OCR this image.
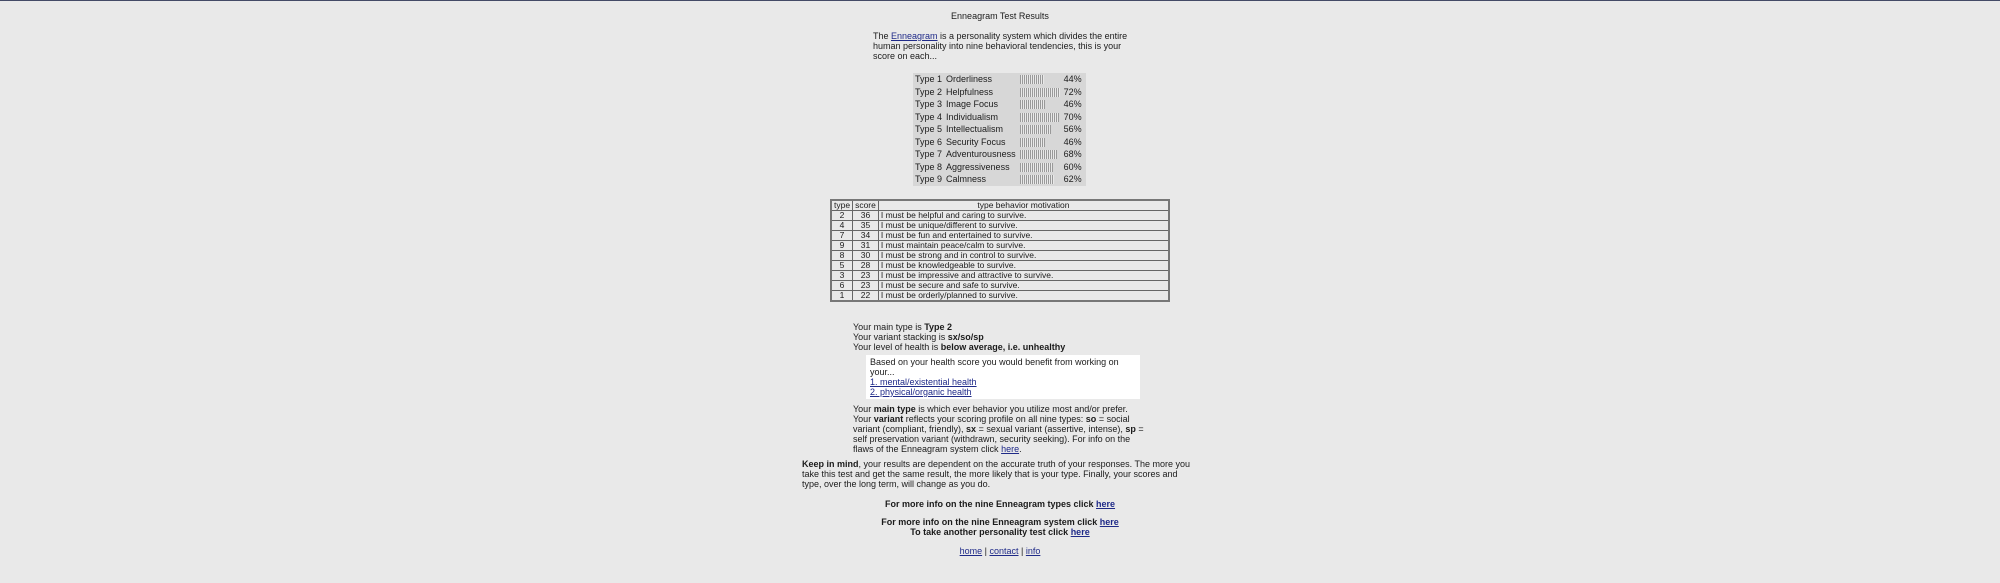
Enneagram Test Results
The Enneagram is a personality system which divides the entire human personality into nine behavioral tendencies, this is your score on each...
Type 1	Orderliness		44%
Type 2	Helpfulness		72%
Type 3	Image Focus		46%
Type 4	Individualism		70%
Type 5	Intellectualism		56%
Type 6	Security Focus		46%
Type 7	Adventurousness		68%
Type 8	Aggressiveness		60%
Type 9	Calmness		62%
type	score	type behavior motivation
2	36	I must be helpful and caring to survive.
4	35	I must be unique/different to survive.
7	34	I must be fun and entertained to survive.
9	31	I must maintain peace/calm to survive.
8	30	I must be strong and in control to survive.
5	28	I must be knowledgeable to survive.
3	23	I must be impressive and attractive to survive.
6	23	I must be secure and safe to survive.
1	22	I must be orderly/planned to survive.
Your main type is Type 2
Your variant stacking is sx/so/sp
Your level of health is below average, i.e. unhealthy
Based on your health score you would benefit from working on your...
1. mental/existential health
2. physical/organic health
Your main type is which ever behavior you utilize most and/or prefer. Your variant reflects your scoring profile on all nine types: so = social variant (compliant, friendly), sx = sexual variant (assertive, intense), sp = self preservation variant (withdrawn, security seeking). For info on the flaws of the Enneagram system click here.
Keep in mind, your results are dependent on the accurate truth of your responses. The more you take this test and get the same result, the more likely that is your type. Finally, your scores and type, over the long term, will change as you do.
For more info on the nine Enneagram types click here
For more info on the nine Enneagram system click here
To take another personality test click here
home | contact | info
